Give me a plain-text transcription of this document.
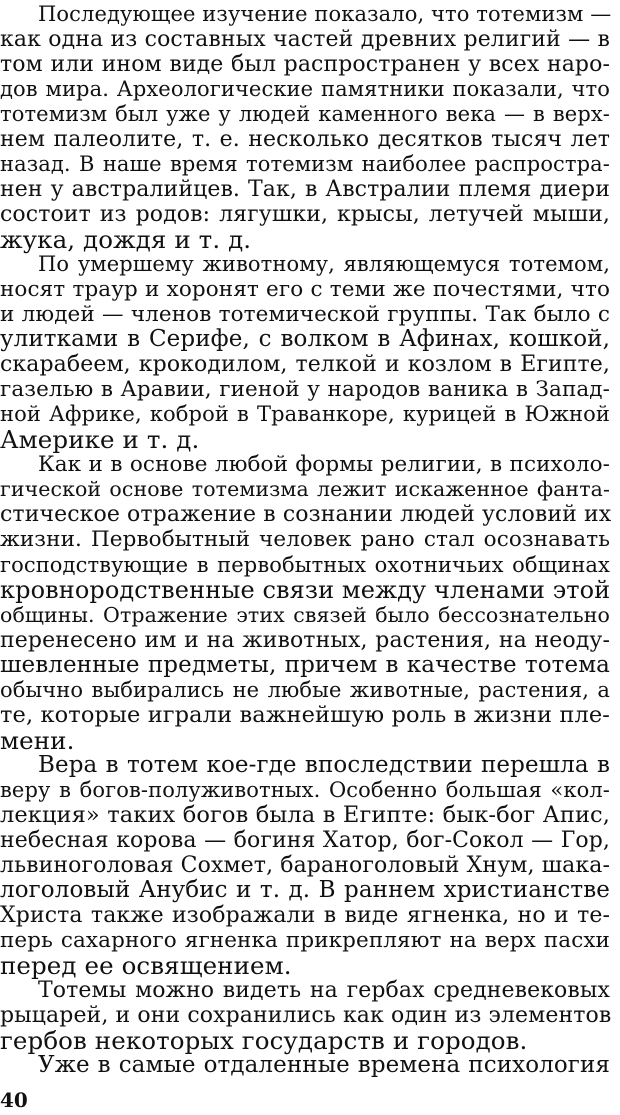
Последующее изучение показало, что тотемизм —
как одна из составных частей древних религий — в
том или ином виде был распространен у всех наро-
дов мира. Археологические памятники показали, что
тотемизм был уже у людей каменного века — в верх-
нем палеолите, т. е. несколько десятков тысяч лет
назад. В наше время тотемизм наиболее распростра-
нен у австралийцев. Так, в Австралии племя диери
состоит из родов: лягушки, крысы, летучей мыши,
жука, дождя и т. д.
По умершему животному, являющемуся тотемом,
носят траур и хоронят его с теми же почестями, что
и людей — членов тотемической группы. Так было с
улитками в Серифе, с волком в Афинах, кошкой,
скарабеем, крокодилом, телкой и козлом в Египте,
газелью в Аравии, гиеной у народов ваника в Запад-
ной Африке, коброй в Траванкоре, курицей в Южной
Америке и т. д.
Как и в основе любой формы религии, в психоло-
гической основе тотемизма лежит искаженное фанта-
стическое отражение в сознании людей условий их
жизни. Первобытный человек рано стал осознавать
господствующие в первобытных охотничьих общинах
кровнородственные связи между членами этой
общины. Отражение этих связей было бессознательно
перенесено им и на животных, растения, на неоду-
шевленные предметы, причем в качестве тотема
обычно выбирались не любые животные, растения, а
те, которые играли важнейшую роль в жизни пле-
мени.
Вера в тотем кое-где впоследствии перешла в
веру в богов-полуживотных. Особенно большая «кол-
лекция» таких богов была в Египте: бык-бог Апис,
небесная корова — богиня Хатор, бог-Сокол — Гор,
львиноголовая Сохмет, бараноголовый Хнум, шака-
логоловый Анубис и т. д. В раннем христианстве
Христа также изображали в виде ягненка, но и те-
перь сахарного ягненка прикрепляют на верх пасхи
перед ее освящением.
Тотемы можно видеть на гербах средневековых
рыцарей, и они сохранились как один из элементов
гербов некоторых государств и городов.
Уже в самые отдаленные времена психология
40
